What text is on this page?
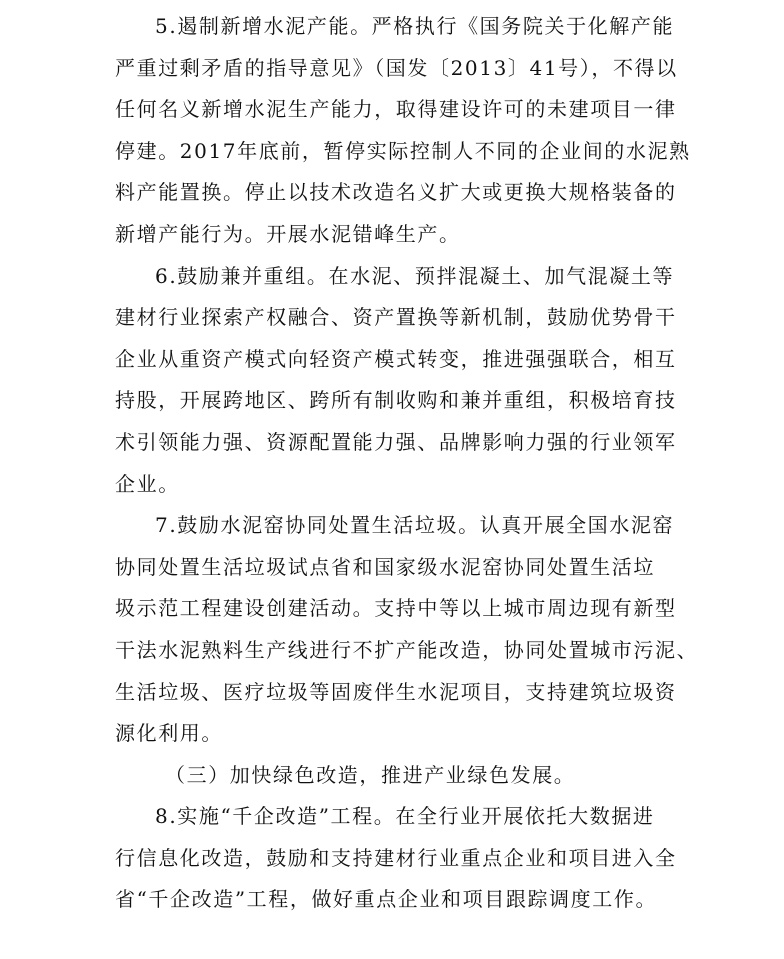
5.遏制新增水泥产能。严格执行《国务院关于化解产能
严重过剩矛盾的指导意见》（国发〔2013〕41号），不得以
任何名义新增水泥生产能力，取得建设许可的未建项目一律
停建。2017年底前，暂停实际控制人不同的企业间的水泥熟
料产能置换。停止以技术改造名义扩大或更换大规格装备的
新增产能行为。开展水泥错峰生产。
6.鼓励兼并重组。在水泥、预拌混凝土、加气混凝土等
建材行业探索产权融合、资产置换等新机制，鼓励优势骨干
企业从重资产模式向轻资产模式转变，推进强强联合，相互
持股，开展跨地区、跨所有制收购和兼并重组，积极培育技
术引领能力强、资源配置能力强、品牌影响力强的行业领军
企业。
7.鼓励水泥窑协同处置生活垃圾。认真开展全国水泥窑
协同处置生活垃圾试点省和国家级水泥窑协同处置生活垃
圾示范工程建设创建活动。支持中等以上城市周边现有新型
干法水泥熟料生产线进行不扩产能改造，协同处置城市污泥、
生活垃圾、医疗垃圾等固废伴生水泥项目，支持建筑垃圾资
源化利用。
（三）加快绿色改造，推进产业绿色发展。
8.实施“千企改造”工程。在全行业开展依托大数据进
行信息化改造，鼓励和支持建材行业重点企业和项目进入全
省“千企改造”工程，做好重点企业和项目跟踪调度工作。
